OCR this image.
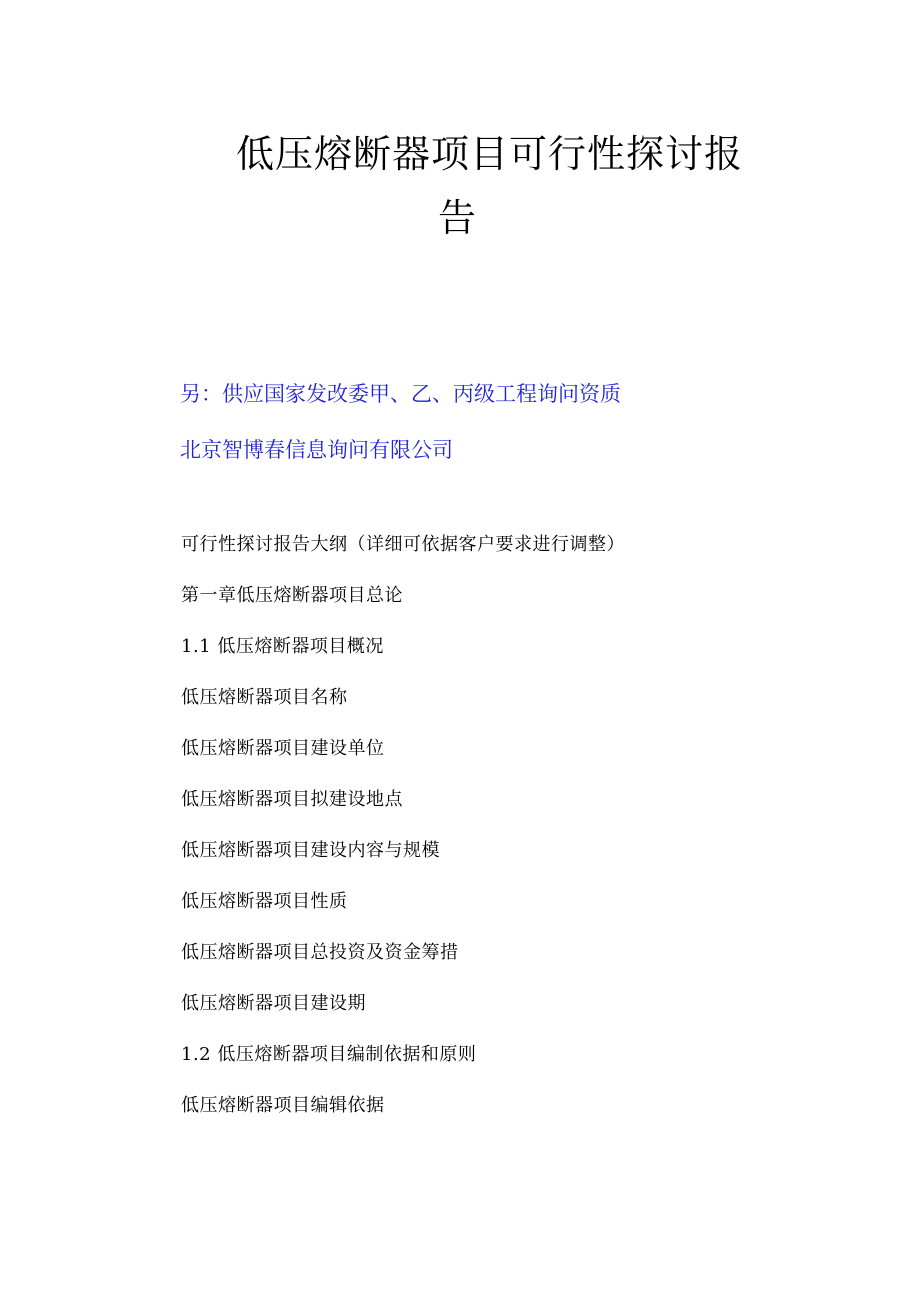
低压熔断器项目可行性探讨报
告

另：供应国家发改委甲、乙、丙级工程询问资质

北京智博春信息询问有限公司

可行性探讨报告大纲（详细可依据客户要求进行调整）
第一章低压熔断器项目总论
1.1 低压熔断器项目概况
低压熔断器项目名称
低压熔断器项目建设单位
低压熔断器项目拟建设地点
低压熔断器项目建设内容与规模
低压熔断器项目性质
低压熔断器项目总投资及资金筹措
低压熔断器项目建设期
1.2 低压熔断器项目编制依据和原则
低压熔断器项目编辑依据
